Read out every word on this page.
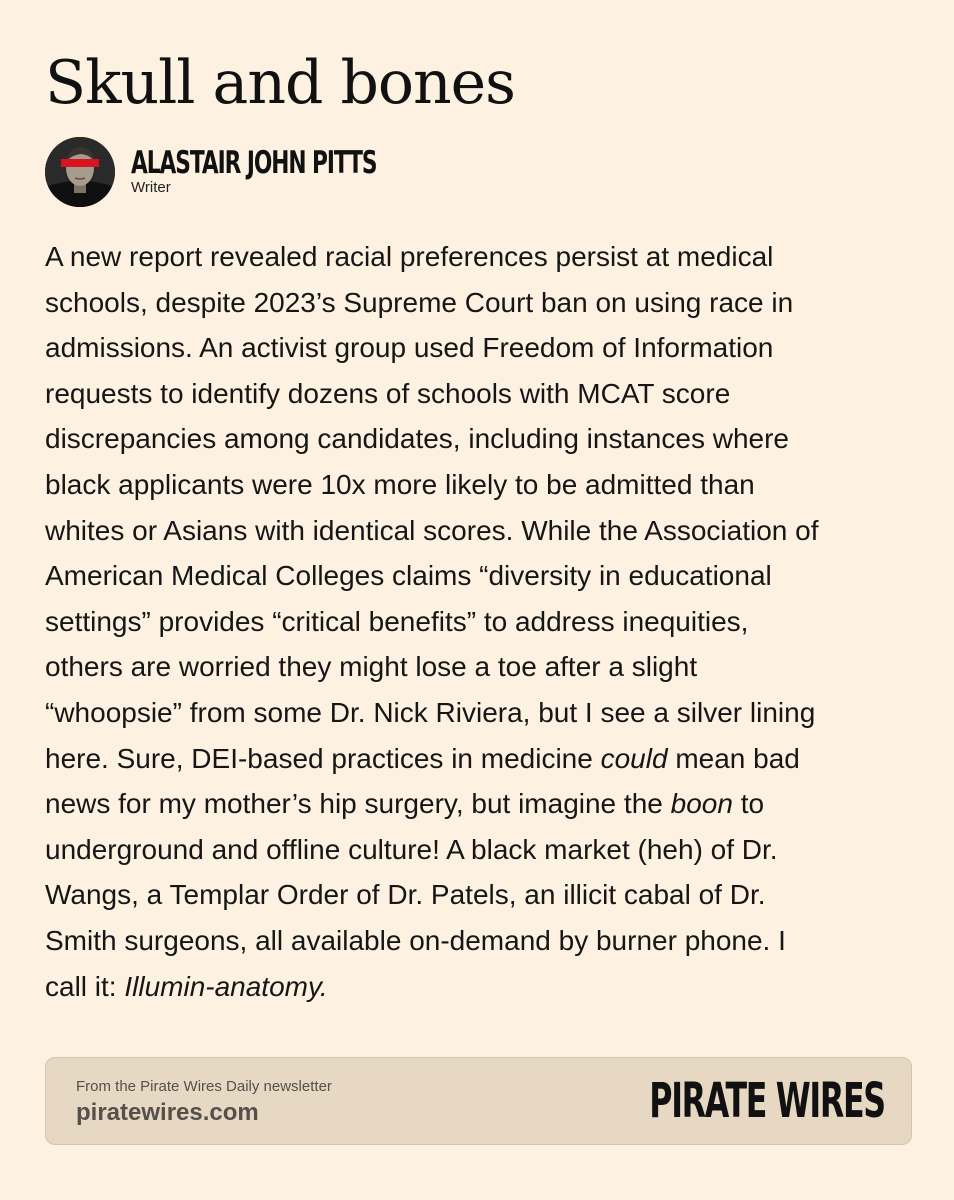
Skull and bones
ALASTAIR JOHN PITTS
Writer
A new report revealed racial preferences persist at medical
schools, despite 2023’s Supreme Court ban on using race in
admissions. An activist group used Freedom of Information
requests to identify dozens of schools with MCAT score
discrepancies among candidates, including instances where
black applicants were 10x more likely to be admitted than
whites or Asians with identical scores. While the Association of
American Medical Colleges claims “diversity in educational
settings” provides “critical benefits” to address inequities,
others are worried they might lose a toe after a slight
“whoopsie” from some Dr. Nick Riviera, but I see a silver lining
here. Sure, DEI-based practices in medicine could mean bad
news for my mother’s hip surgery, but imagine the boon to
underground and offline culture! A black market (heh) of Dr.
Wangs, a Templar Order of Dr. Patels, an illicit cabal of Dr.
Smith surgeons, all available on-demand by burner phone. I
call it: Illumin-anatomy.
From the Pirate Wires Daily newsletter
piratewires.com	PIRATE WIRES
